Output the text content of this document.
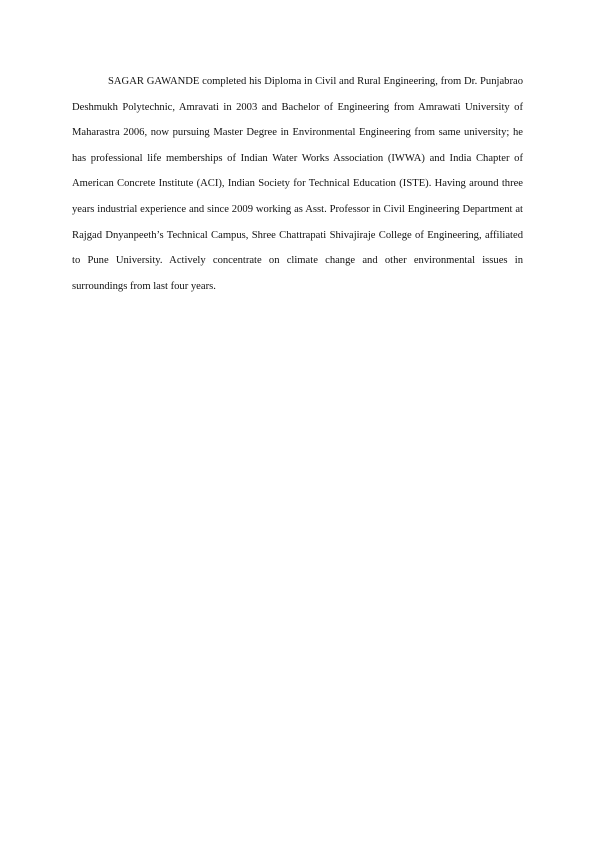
SAGAR GAWANDE completed his Diploma in Civil and Rural Engineering, from Dr. Punjabrao Deshmukh Polytechnic, Amravati in 2003 and Bachelor of Engineering from Amrawati University of Maharastra 2006, now pursuing Master Degree in Environmental Engineering from same university; he has professional life memberships of Indian Water Works Association (IWWA) and India Chapter of American Concrete Institute (ACI), Indian Society for Technical Education (ISTE). Having around three years industrial experience and since 2009 working as Asst. Professor in Civil Engineering Department at Rajgad Dnyanpeeth’s Technical Campus, Shree Chattrapati Shivajiraje College of Engineering, affiliated to Pune University. Actively concentrate on climate change and other environmental issues in surroundings from last four years.
